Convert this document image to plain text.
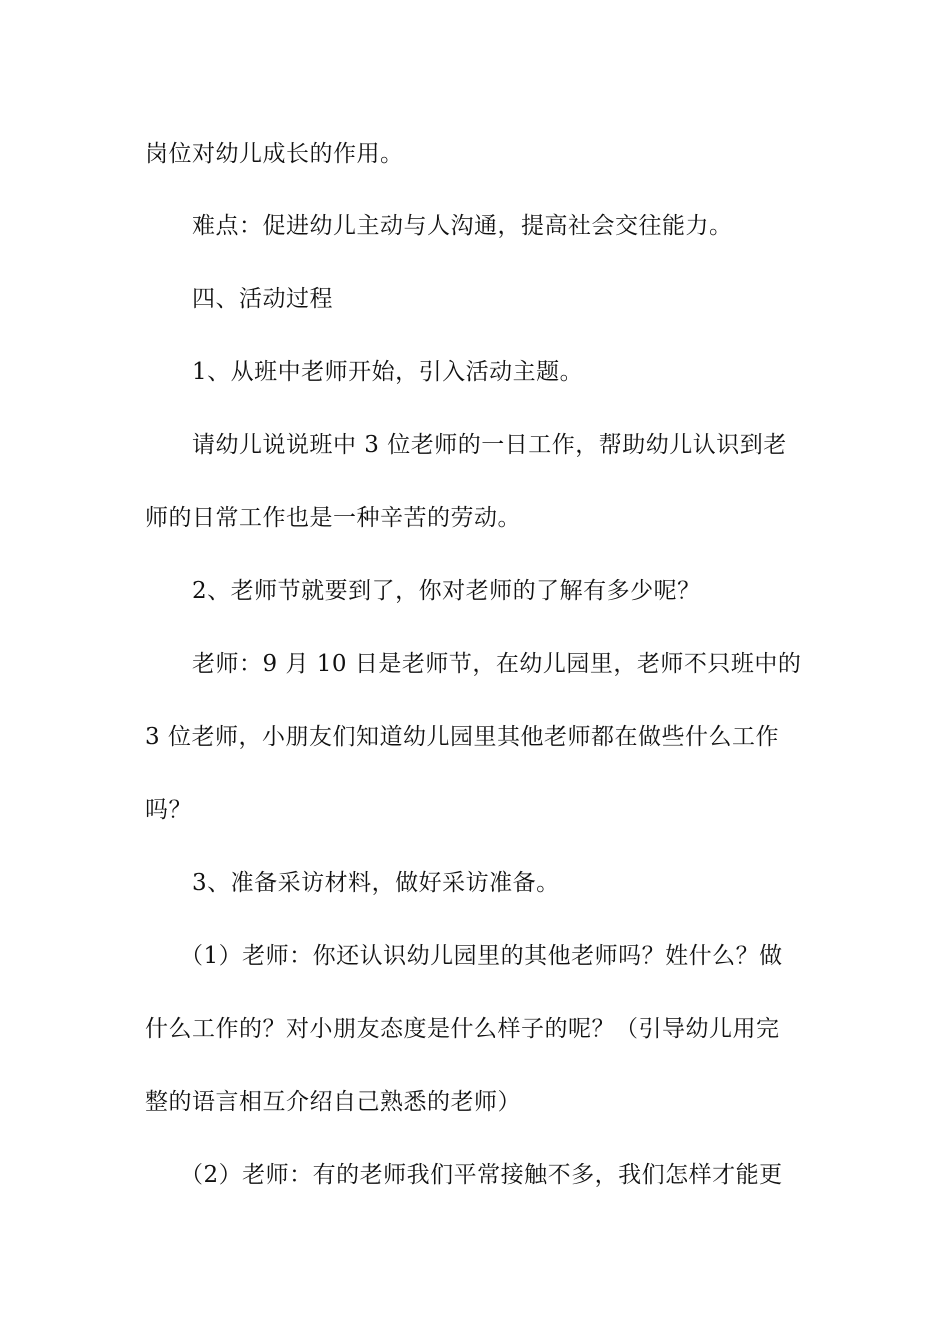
岗位对幼儿成长的作用。
难点：促进幼儿主动与人沟通，提高社会交往能力。
四、活动过程
1、从班中老师开始，引入活动主题。
请幼儿说说班中 3 位老师的一日工作，帮助幼儿认识到老
师的日常工作也是一种辛苦的劳动。
2、老师节就要到了，你对老师的了解有多少呢？
老师：9 月 10 日是老师节，在幼儿园里，老师不只班中的
3 位老师，小朋友们知道幼儿园里其他老师都在做些什么工作
吗？
3、准备采访材料，做好采访准备。
（1）老师：你还认识幼儿园里的其他老师吗？姓什么？做
什么工作的？对小朋友态度是什么样子的呢？（引导幼儿用完
整的语言相互介绍自己熟悉的老师）
（2）老师：有的老师我们平常接触不多，我们怎样才能更
